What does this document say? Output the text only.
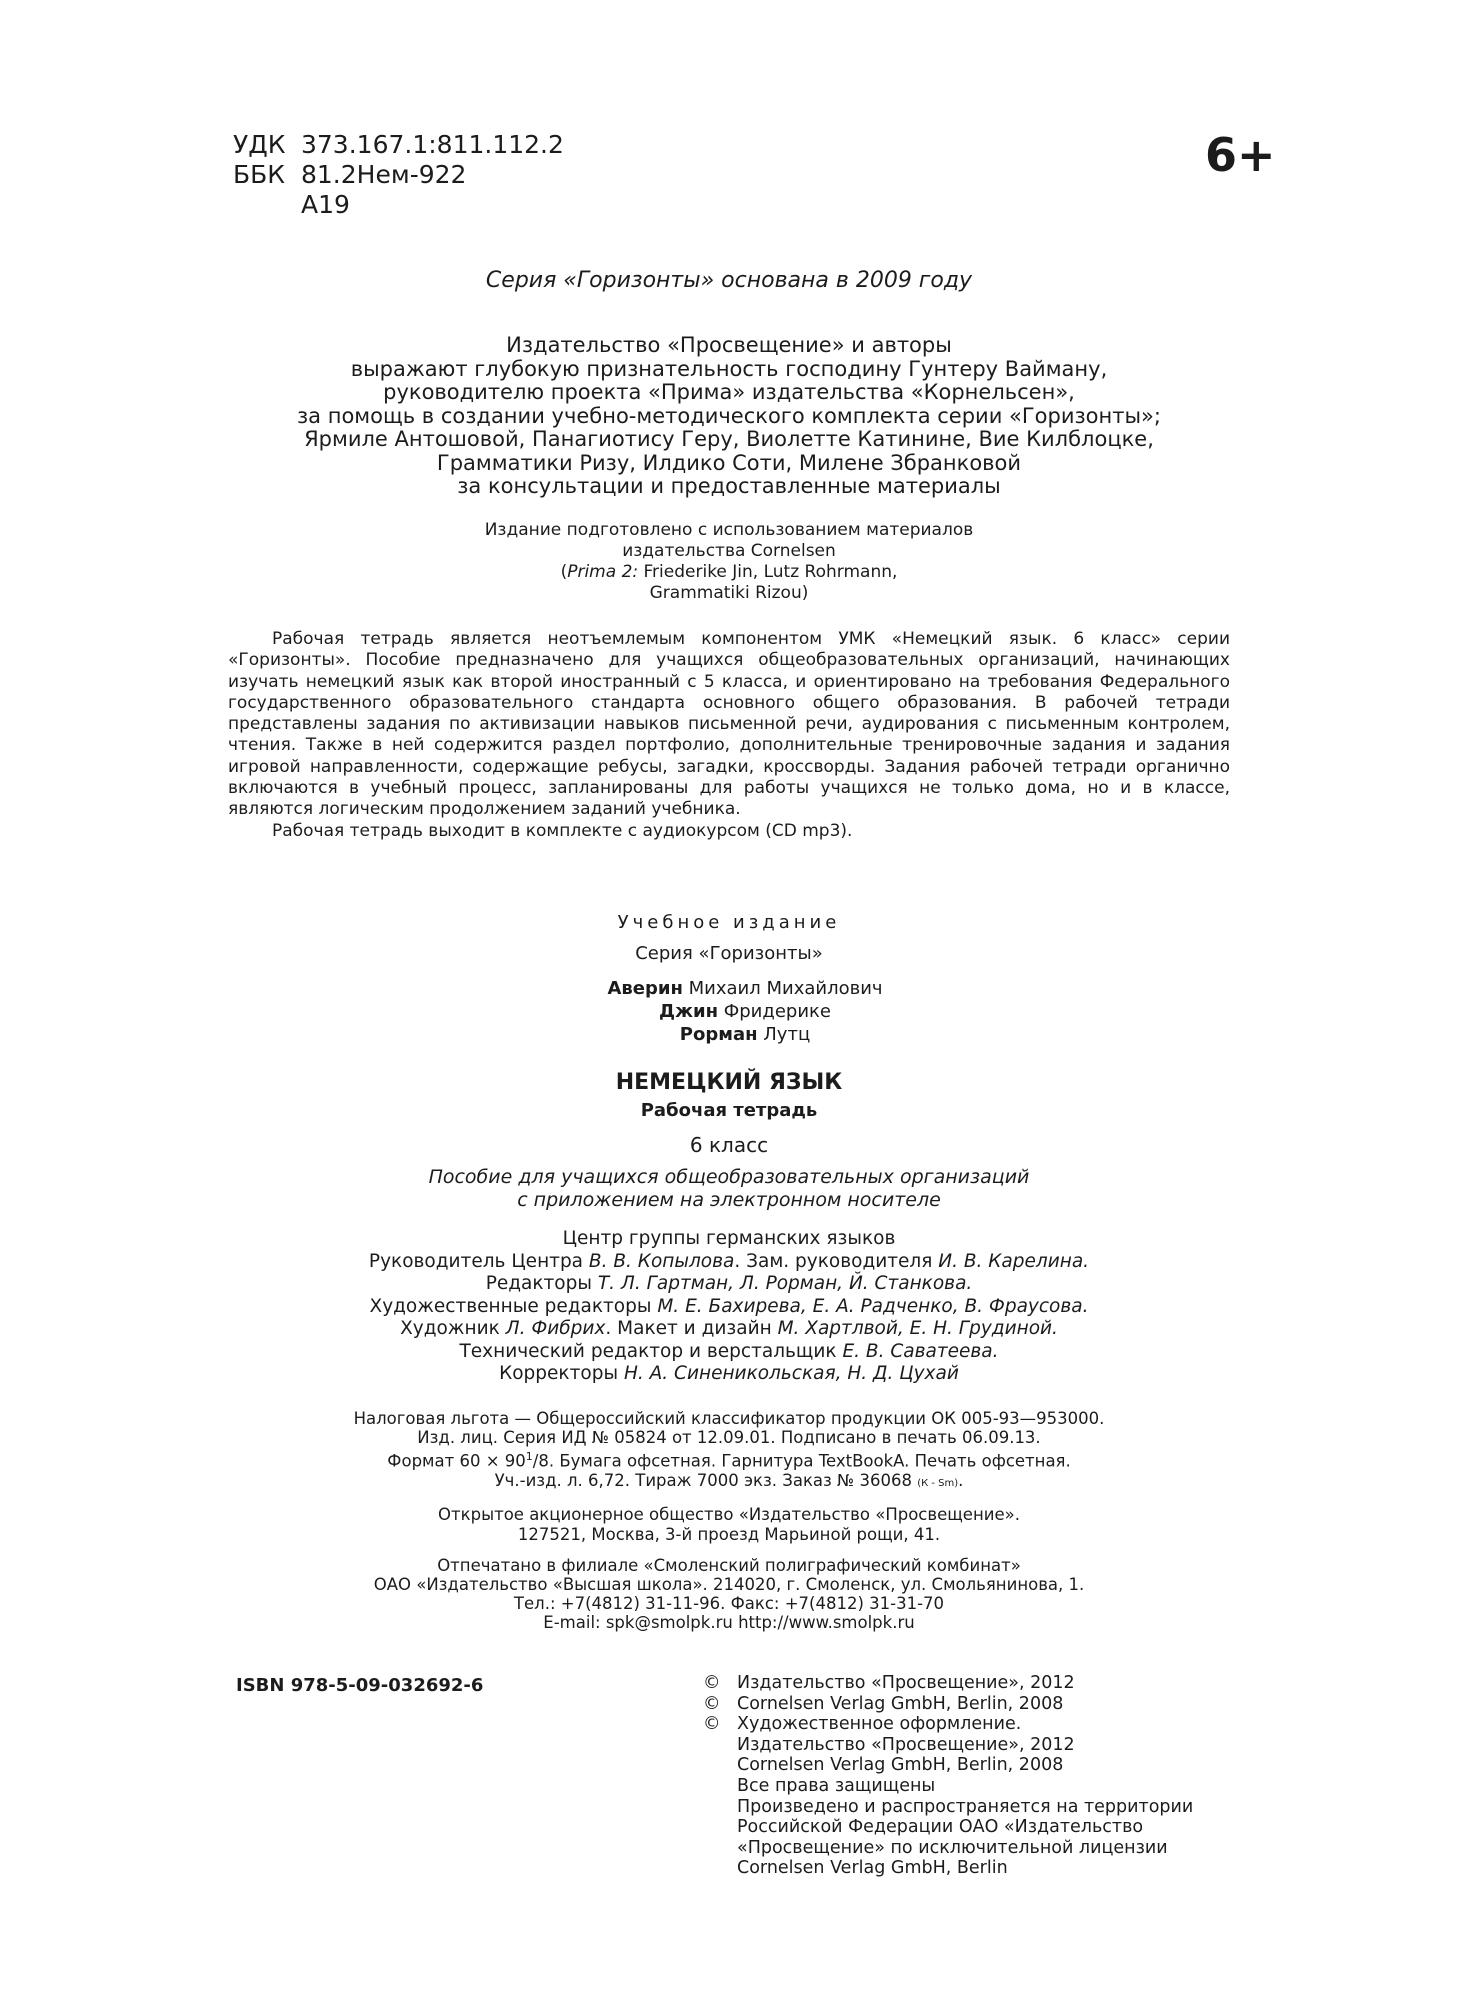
УДК 373.167.1:811.112.2
ББК 81.2Нем-922
А19
6+
Серия «Горизонты» основана в 2009 году
Издательство «Просвещение» и авторы
выражают глубокую признательность господину Гунтеру Вайману,
руководителю проекта «Прима» издательства «Корнельсен»,
за помощь в создании учебно-методического комплекта серии «Горизонты»;
Ярмиле Антошовой, Панагиотису Геру, Виолетте Катинине, Вие Килблоцке,
Грамматики Ризу, Илдико Соти, Милене Збранковой
за консультации и предоставленные материалы
Издание подготовлено с использованием материалов
издательства Cornelsen
(Prima 2: Friederike Jin, Lutz Rohrmann,
Grammatiki Rizou)

Рабочая тетрадь является неотъемлемым компонентом УМК «Немецкий язык. 6 класс» серии «Горизонты». Пособие предназначено для учащихся общеобразовательных организаций, начинающих изучать немецкий язык как второй иностранный с 5 класса, и ориентировано на требования Федерального государственного образовательного стандарта основного общего образования. В рабочей тетради представлены задания по активизации навыков письменной речи, аудирования с письменным контролем, чтения. Также в ней содержится раздел портфолио, дополнительные тренировочные задания и задания игровой направленности, содержащие ребусы, загадки, кроссворды. Задания рабочей тетради органично включаются в учебный процесс, запланированы для работы учащихся не только дома, но и в классе, являются логическим продолжением заданий учебника.

Рабочая тетрадь выходит в комплекте с аудиокурсом (CD mp3).

Учебное издание
Серия «Горизонты»
Аверин Михаил Михайлович
Джин Фридерике
Рорман Лутц
НЕМЕЦКИЙ ЯЗЫК
Рабочая тетрадь
6 класс
Пособие для учащихся общеобразовательных организаций
с приложением на электронном носителе
Центр группы германских языков
Руководитель Центра В. В. Копылова. Зам. руководителя И. В. Карелина.
Редакторы Т. Л. Гартман, Л. Рорман, Й. Станкова.
Художественные редакторы М. Е. Бахирева, Е. А. Радченко, В. Фраусова.
Художник Л. Фибрих. Макет и дизайн М. Хартлвой, Е. Н. Грудиной.
Технический редактор и верстальщик Е. В. Саватеева.
Корректоры Н. А. Синеникольская, Н. Д. Цухай
Налоговая льгота — Общероссийский классификатор продукции ОК 005-93—953000.
Изд. лиц. Серия ИД № 05824 от 12.09.01. Подписано в печать 06.09.13.
Формат $60 \times 90^1/8$. Бумага офсетная. Гарнитура TextBookA. Печать офсетная.
Уч.-изд. л. 6,72. Тираж 7000 экз. Заказ № 36068 (К - Sm).
Открытое акционерное общество «Издательство «Просвещение».
127521, Москва, 3-й проезд Марьиной рощи, 41.
Отпечатано в филиале «Смоленский полиграфический комбинат»
ОАО «Издательство «Высшая школа». 214020, г. Смоленск, ул. Смольянинова, 1.
Тел.: +7(4812) 31-11-96. Факс: +7(4812) 31-31-70
E-mail: spk@smolpk.ru http://www.smolpk.ru
ISBN 978-5-09-032692-6	© Издательство «Просвещение», 2012
© Cornelsen Verlag GmbH, Berlin, 2008
© Художественное оформление.
Издательство «Просвещение», 2012
Cornelsen Verlag GmbH, Berlin, 2008
Все права защищены
Произведено и распространяется на территории
Российской Федерации ОАО «Издательство
«Просвещение» по исключительной лицензии
Cornelsen Verlag GmbH, Berlin
